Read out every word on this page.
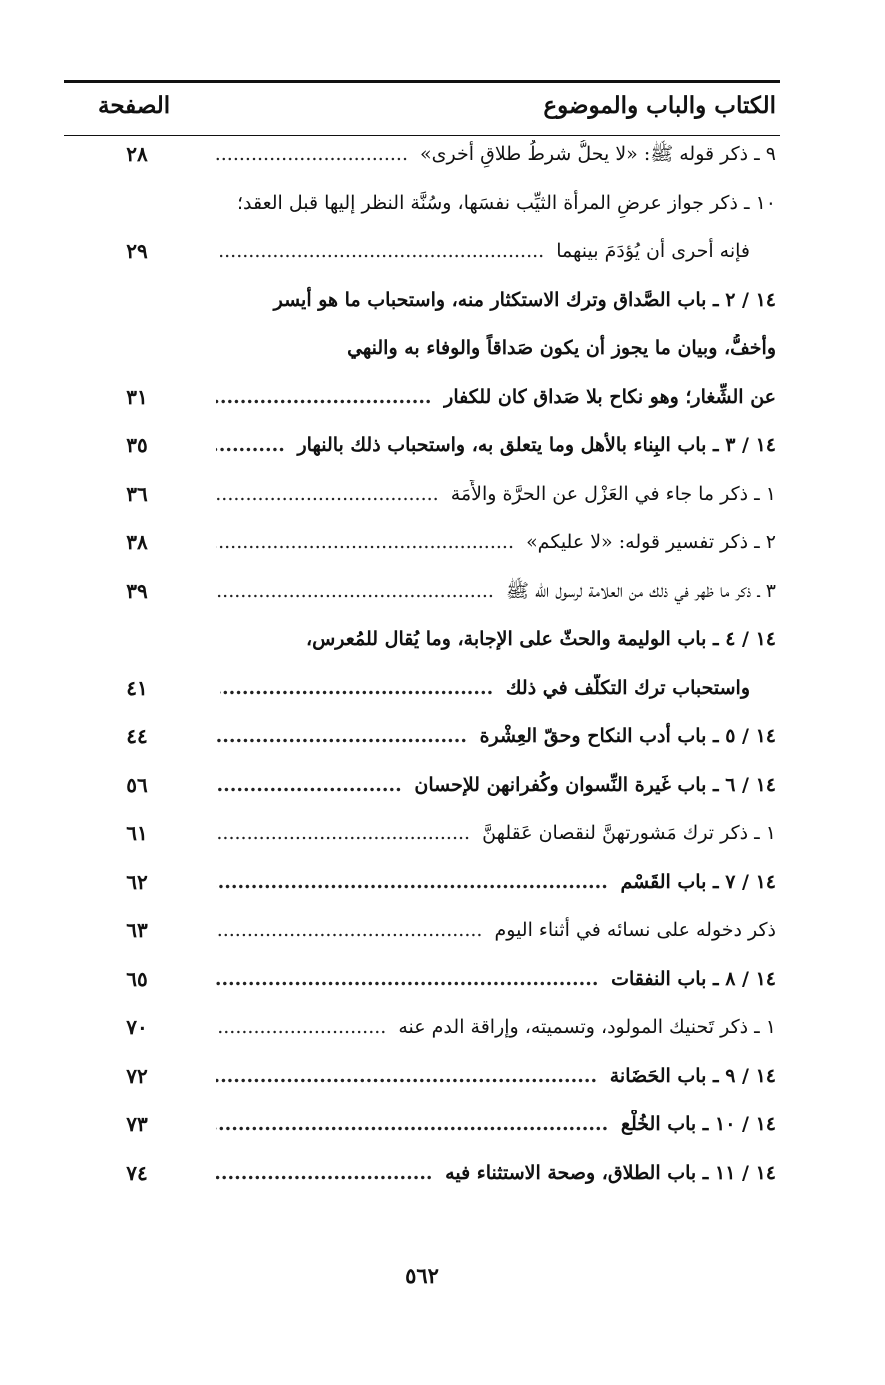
الكتاب والباب والموضوع
الصفحة
٩ ـ ذكر قوله ﷺ: «لا يحلُّ شرطُ طلاقِ أخرى» .....
٢٨
١٠ ـ ذكر جواز عرضِ المرأة الثيِّب نفسَها، وسُنَّة النظر إليها قبل العقد؛
فإنه أحرى أن يُؤدَمَ بينهما .....
٢٩
١٤ / ٢ ـ باب الصَّداق وترك الاستكثار منه، واستحباب ما هو أيسر
وأخفُّ، وبيان ما يجوز أن يكون صَداقاً والوفاء به والنهي
عن الشِّغار؛ وهو نكاح بلا صَداق كان للكفار .....
٣١
١٤ / ٣ ـ باب البِناء بالأهل وما يتعلق به، واستحباب ذلك بالنهار .....
٣٥
١ ـ ذكر ما جاء في العَزْل عن الحرَّة والأَمَة .....
٣٦
٢ ـ ذكر تفسير قوله: «لا عليكم» .....
٣٨
٣ ـ ذكر ما ظهر في ذلك من العلامة لرسول الله ﷺ .....
٣٩
١٤ / ٤ ـ باب الوليمة والحثّ على الإجابة، وما يُقال للمُعرس،
واستحباب ترك التكلُّف في ذلك .....
٤١
١٤ / ٥ ـ باب أدب النكاح وحقّ العِشْرة .....
٤٤
١٤ / ٦ ـ باب غَيرة النِّسوان وكُفرانهن للإحسان .....
٥٦
١ ـ ذكر ترك مَشورتهنَّ لنقصان عَقلهنَّ .....
٦١
١٤ / ٧ ـ باب القَسْم .....
٦٢
ذكر دخوله على نسائه في أثناء اليوم .....
٦٣
١٤ / ٨ ـ باب النفقات .....
٦٥
١ ـ ذكر تَحنيك المولود، وتسميته، وإراقة الدم عنه .....
٧٠
١٤ / ٩ ـ باب الحَضَانة .....
٧٢
١٤ / ١٠ ـ باب الخُلْع .....
٧٣
١٤ / ١١ ـ باب الطلاق، وصحة الاستثناء فيه .....
٧٤
٥٦٢
